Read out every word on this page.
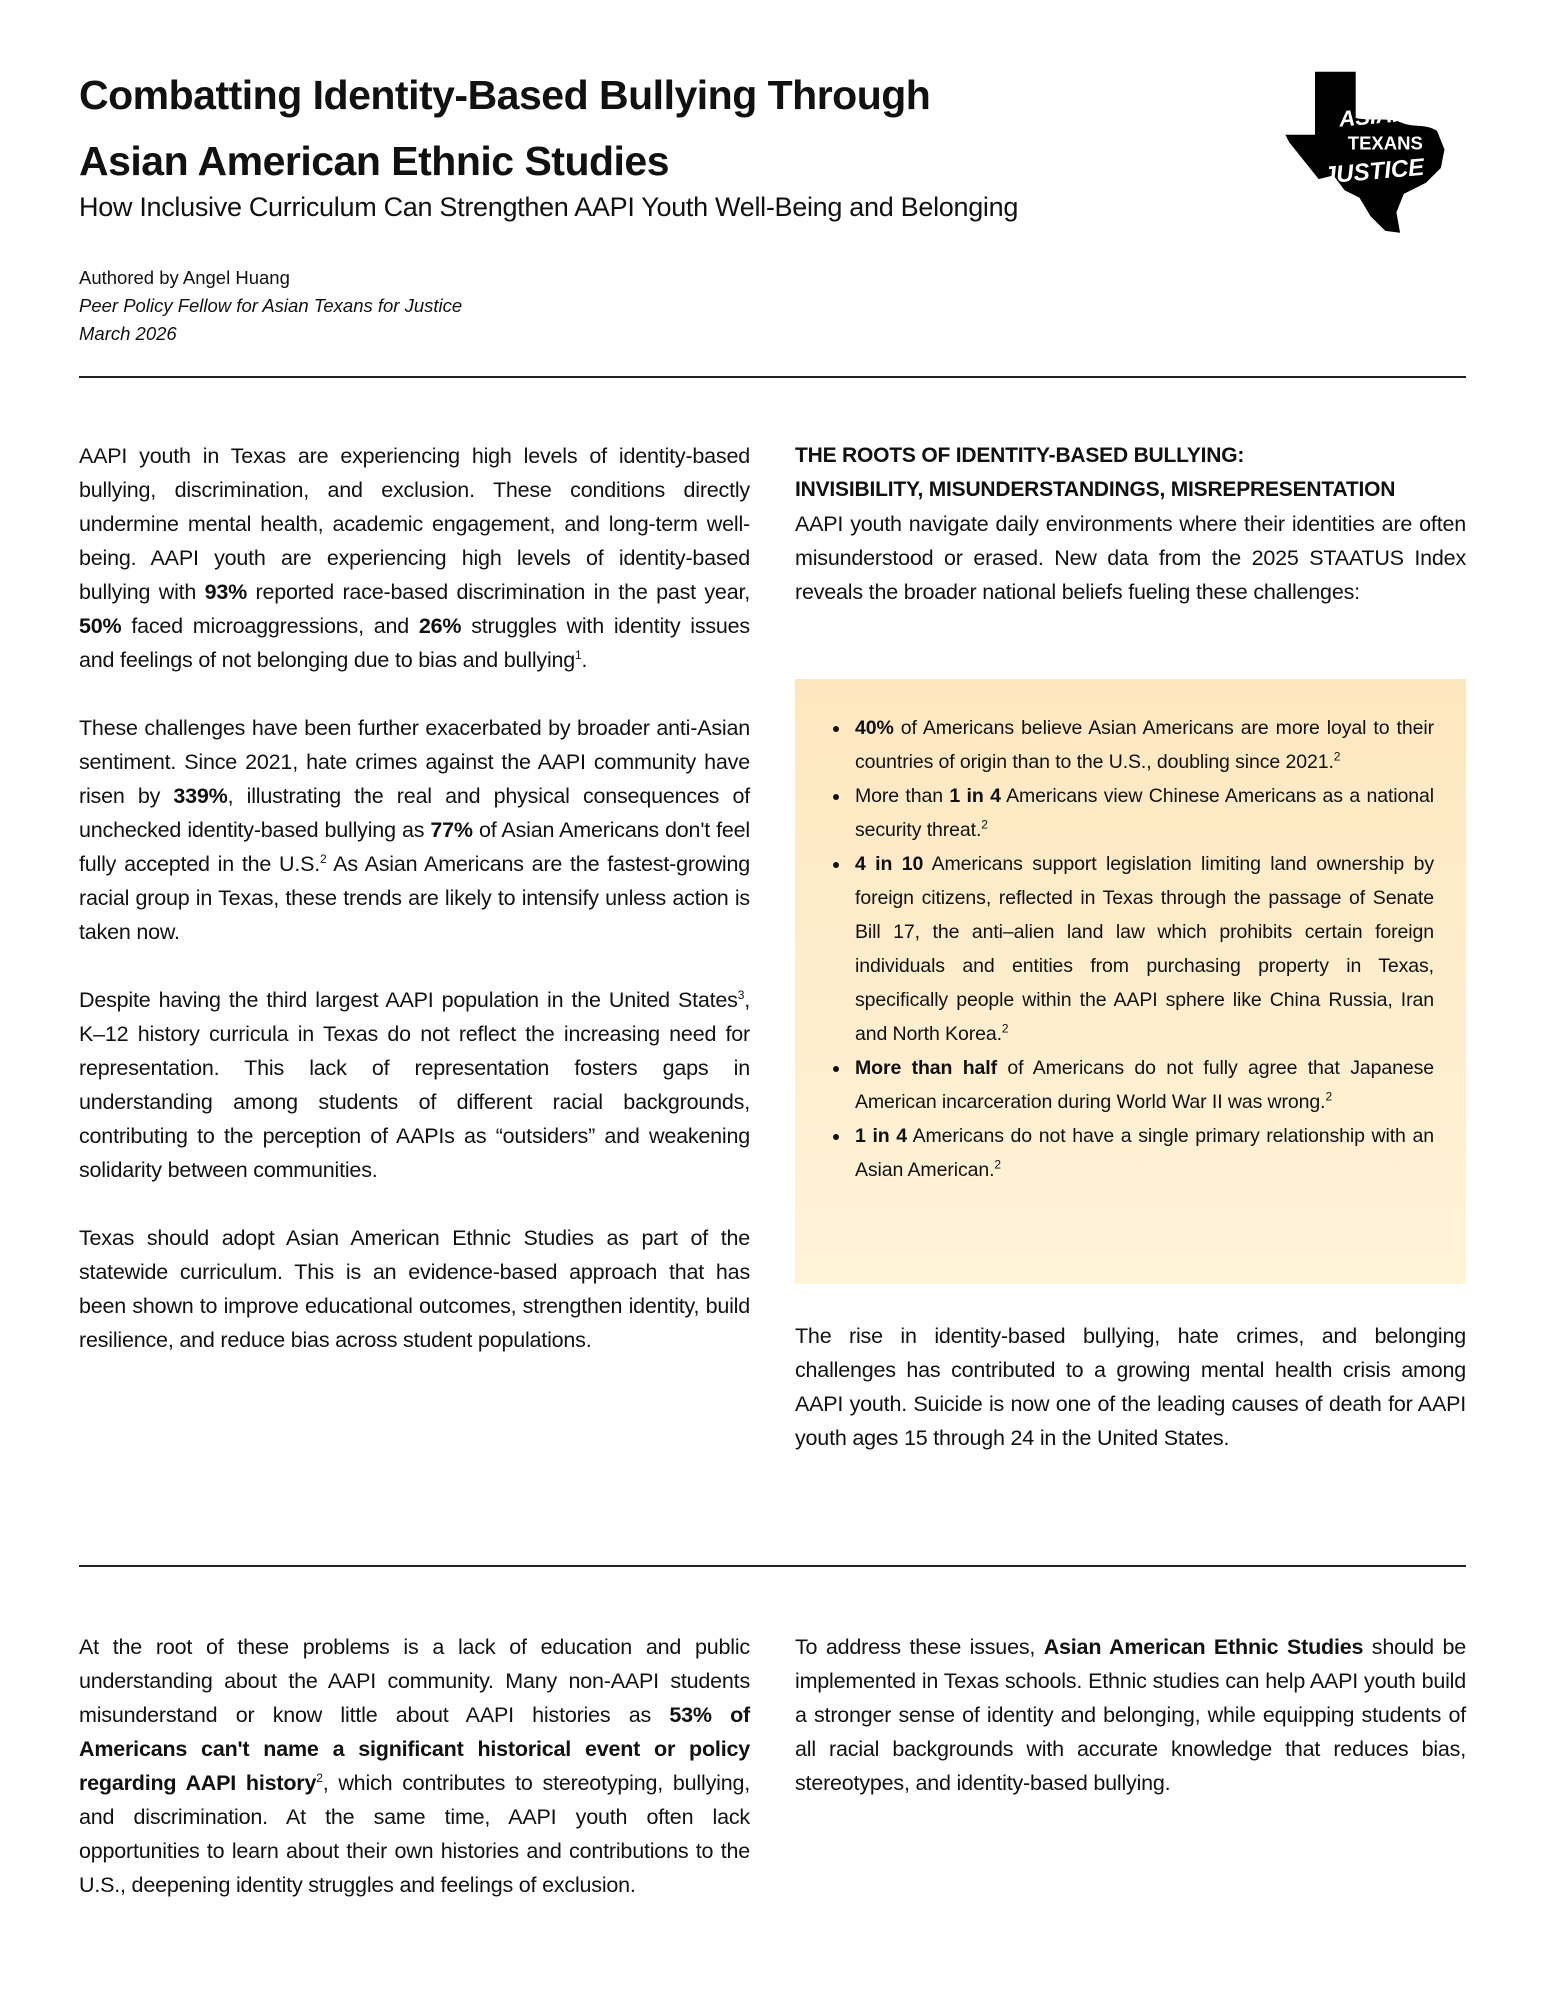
Combatting Identity-Based Bullying Through
Asian American Ethnic Studies
How Inclusive Curriculum Can Strengthen AAPI Youth Well-Being and Belonging
Authored by Angel Huang
Peer Policy Fellow for Asian Texans for Justice
March 2026
ASIAN
TEXANS
JUSTICE

AAPI youth in Texas are experiencing high levels of identity-based bullying, discrimination, and exclusion. These conditions directly undermine mental health, academic engagement, and long-term well-being. AAPI youth are experiencing high levels of identity-based bullying with 93% reported race-based discrimination in the past year, 50% faced microaggressions, and 26% struggles with identity issues and feelings of not belonging due to bias and bullying$^1$.

These challenges have been further exacerbated by broader anti-Asian sentiment. Since 2021, hate crimes against the AAPI community have risen by 339%, illustrating the real and physical consequences of unchecked identity-based bullying as 77% of Asian Americans don't feel fully accepted in the U.S.$^2$ As Asian Americans are the fastest-growing racial group in Texas, these trends are likely to intensify unless action is taken now.

Despite having the third largest AAPI population in the United States$^3$, K–12 history curricula in Texas do not reflect the increasing need for representation. This lack of representation fosters gaps in understanding among students of different racial backgrounds, contributing to the perception of AAPIs as “outsiders” and weakening solidarity between communities.

Texas should adopt Asian American Ethnic Studies as part of the statewide curriculum. This is an evidence-based approach that has been shown to improve educational outcomes, strengthen identity, build resilience, and reduce bias across student populations.

THE ROOTS OF IDENTITY-BASED BULLYING:
INVISIBILITY, MISUNDERSTANDINGS, MISREPRESENTATION

AAPI youth navigate daily environments where their identities are often misunderstood or erased. New data from the 2025 STAATUS Index reveals the broader national beliefs fueling these challenges:

• 40% of Americans believe Asian Americans are more loyal to their countries of origin than to the U.S., doubling since 2021.$^2$
• More than 1 in 4 Americans view Chinese Americans as a national security threat.$^2$
• 4 in 10 Americans support legislation limiting land ownership by foreign citizens, reflected in Texas through the passage of Senate Bill 17, the anti–alien land law which prohibits certain foreign individuals and entities from purchasing property in Texas, specifically people within the AAPI sphere like China Russia, Iran and North Korea.$^2$
• More than half of Americans do not fully agree that Japanese American incarceration during World War II was wrong.$^2$
• 1 in 4 Americans do not have a single primary relationship with an Asian American.$^2$

The rise in identity-based bullying, hate crimes, and belonging challenges has contributed to a growing mental health crisis among AAPI youth. Suicide is now one of the leading causes of death for AAPI youth ages 15 through 24 in the United States.

At the root of these problems is a lack of education and public understanding about the AAPI community. Many non-AAPI students misunderstand or know little about AAPI histories as 53% of Americans can't name a significant historical event or policy regarding AAPI history$^2$, which contributes to stereotyping, bullying, and discrimination. At the same time, AAPI youth often lack opportunities to learn about their own histories and contributions to the U.S., deepening identity struggles and feelings of exclusion.

To address these issues, Asian American Ethnic Studies should be implemented in Texas schools. Ethnic studies can help AAPI youth build a stronger sense of identity and belonging, while equipping students of all racial backgrounds with accurate knowledge that reduces bias, stereotypes, and identity-based bullying.
